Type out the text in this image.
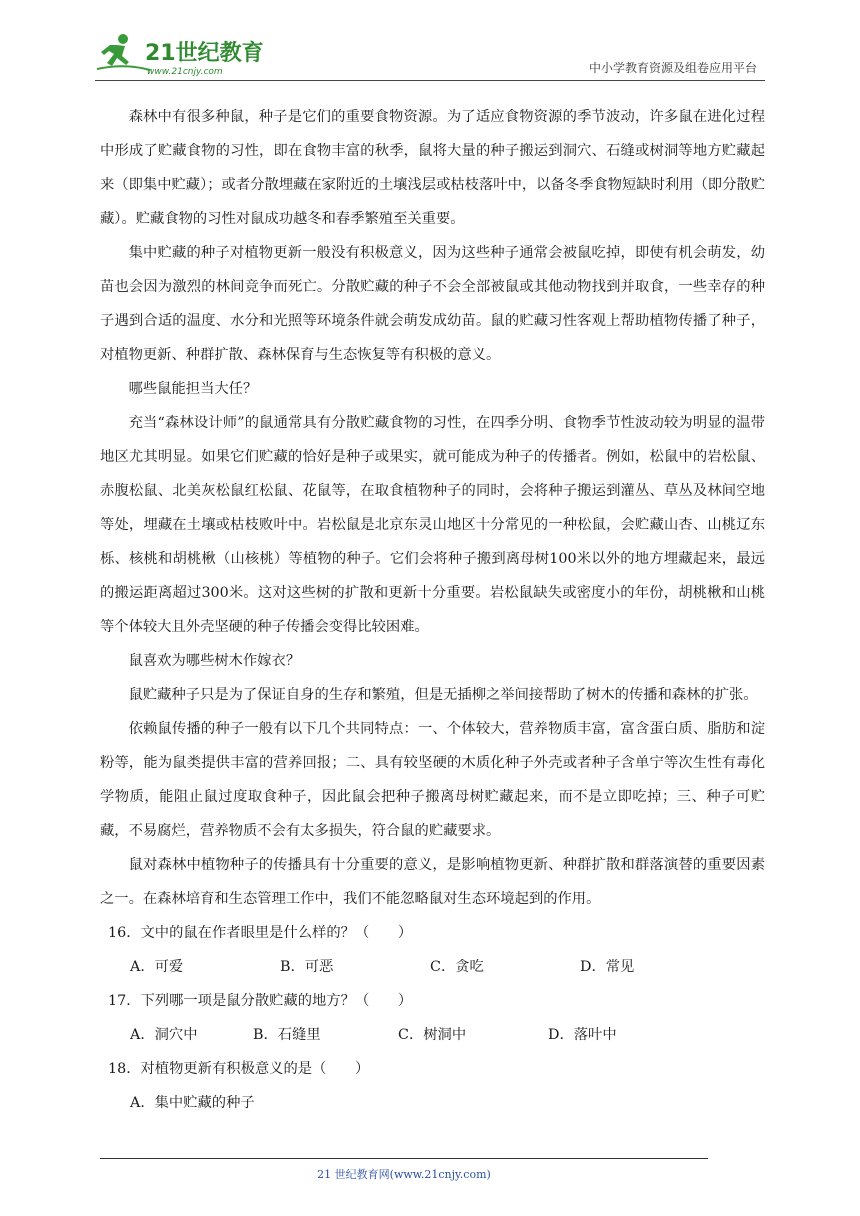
21世纪教育
www.21cnjy.com	中小学教育资源及组卷应用平台

森林中有很多种鼠，种子是它们的重要食物资源。为了适应食物资源的季节波动，许多鼠在进化过程中形成了贮藏食物的习性，即在食物丰富的秋季，鼠将大量的种子搬运到洞穴、石缝或树洞等地方贮藏起来（即集中贮藏）；或者分散埋藏在家附近的土壤浅层或枯枝落叶中，以备冬季食物短缺时利用（即分散贮藏）。贮藏食物的习性对鼠成功越冬和春季繁殖至关重要。

集中贮藏的种子对植物更新一般没有积极意义，因为这些种子通常会被鼠吃掉，即使有机会萌发，幼苗也会因为激烈的林间竞争而死亡。分散贮藏的种子不会全部被鼠或其他动物找到并取食，一些幸存的种子遇到合适的温度、水分和光照等环境条件就会萌发成幼苗。鼠的贮藏习性客观上帮助植物传播了种子，对植物更新、种群扩散、森林保育与生态恢复等有积极的意义。

哪些鼠能担当大任？

充当“森林设计师”的鼠通常具有分散贮藏食物的习性，在四季分明、食物季节性波动较为明显的温带地区尤其明显。如果它们贮藏的恰好是种子或果实，就可能成为种子的传播者。例如，松鼠中的岩松鼠、赤腹松鼠、北美灰松鼠红松鼠、花鼠等，在取食植物种子的同时，会将种子搬运到灌丛、草丛及林间空地等处，埋藏在土壤或枯枝败叶中。岩松鼠是北京东灵山地区十分常见的一种松鼠，会贮藏山杏、山桃辽东栎、核桃和胡桃楸（山核桃）等植物的种子。它们会将种子搬到离母树100米以外的地方埋藏起来，最远的搬运距离超过300米。这对这些树的扩散和更新十分重要。岩松鼠缺失或密度小的年份，胡桃楸和山桃等个体较大且外壳坚硬的种子传播会变得比较困难。

鼠喜欢为哪些树木作嫁衣？

鼠贮藏种子只是为了保证自身的生存和繁殖，但是无插柳之举间接帮助了树木的传播和森林的扩张。

依赖鼠传播的种子一般有以下几个共同特点：一、个体较大，营养物质丰富，富含蛋白质、脂肪和淀粉等，能为鼠类提供丰富的营养回报；二、具有较坚硬的木质化种子外壳或者种子含单宁等次生性有毒化学物质，能阻止鼠过度取食种子，因此鼠会把种子搬离母树贮藏起来，而不是立即吃掉；三、种子可贮藏，不易腐烂，营养物质不会有太多损失，符合鼠的贮藏要求。

鼠对森林中植物种子的传播具有十分重要的意义，是影响植物更新、种群扩散和群落演替的重要因素之一。在森林培育和生态管理工作中，我们不能忽略鼠对生态环境起到的作用。

16．文中的鼠在作者眼里是什么样的？（　　）

A．可爱	B．可恶	C．贪吃	D．常见

17．下列哪一项是鼠分散贮藏的地方？（　　）

A．洞穴中	B．石缝里	C．树洞中	D．落叶中

18．对植物更新有积极意义的是（　　）

A．集中贮藏的种子
21 世纪教育网(www.21cnjy.com)
